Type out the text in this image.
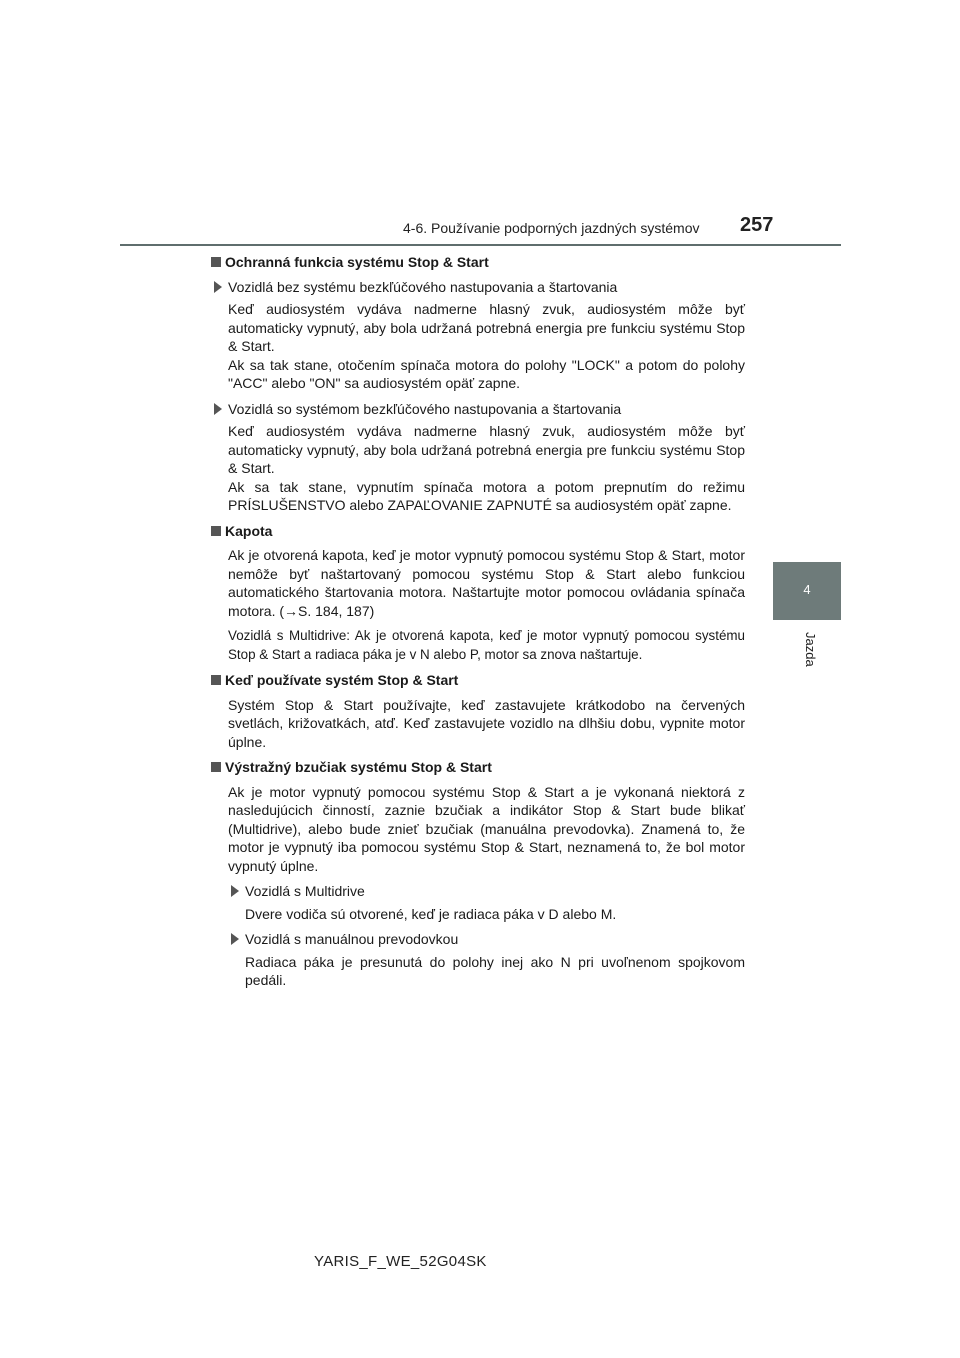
4-6. Používanie podporných jazdných systémov 257
4
Jazda
Ochranná funkcia systému Stop & Start
Vozidlá bez systému bezkľúčového nastupovania a štartovania

Keď audiosystém vydáva nadmerne hlasný zvuk, audiosystém môže byť automaticky vypnutý, aby bola udržaná potrebná energia pre funkciu systému Stop & Start.
Ak sa tak stane, otočením spínača motora do polohy "LOCK" a potom do polohy "ACC" alebo "ON" sa audiosystém opäť zapne.

Vozidlá so systémom bezkľúčového nastupovania a štartovania

Keď audiosystém vydáva nadmerne hlasný zvuk, audiosystém môže byť automaticky vypnutý, aby bola udržaná potrebná energia pre funkciu systému Stop & Start.
Ak sa tak stane, vypnutím spínača motora a potom prepnutím do režimu PRÍSLUŠENSTVO alebo ZAPAĽOVANIE ZAPNUTÉ sa audiosystém opäť zapne.

Kapota

Ak je otvorená kapota, keď je motor vypnutý pomocou systému Stop & Start, motor nemôže byť naštartovaný pomocou systému Stop & Start alebo funkciou automatického štartovania motora. Naštartujte motor pomocou ovládania spínača motora. (→S. 184, 187)

Vozidlá s Multidrive: Ak je otvorená kapota, keď je motor vypnutý pomocou systému Stop & Start a radiaca páka je v N alebo P, motor sa znova naštartuje.

Keď používate systém Stop & Start

Systém Stop & Start používajte, keď zastavujete krátkodobo na červených svetlách, križovatkách, atď. Keď zastavujete vozidlo na dlhšiu dobu, vypnite motor úplne.

Výstražný bzučiak systému Stop & Start

Ak je motor vypnutý pomocou systému Stop & Start a je vykonaná niektorá z nasledujúcich činností, zaznie bzučiak a indikátor Stop & Start bude blikať (Multidrive), alebo bude znieť bzučiak (manuálna prevodovka). Znamená to, že motor je vypnutý iba pomocou systému Stop & Start, neznamená to, že bol motor vypnutý úplne.

Vozidlá s Multidrive

Dvere vodiča sú otvorené, keď je radiaca páka v D alebo M.

Vozidlá s manuálnou prevodovkou

Radiaca páka je presunutá do polohy inej ako N pri uvoľnenom spojkovom pedáli.

YARIS_F_WE_52G04SK
